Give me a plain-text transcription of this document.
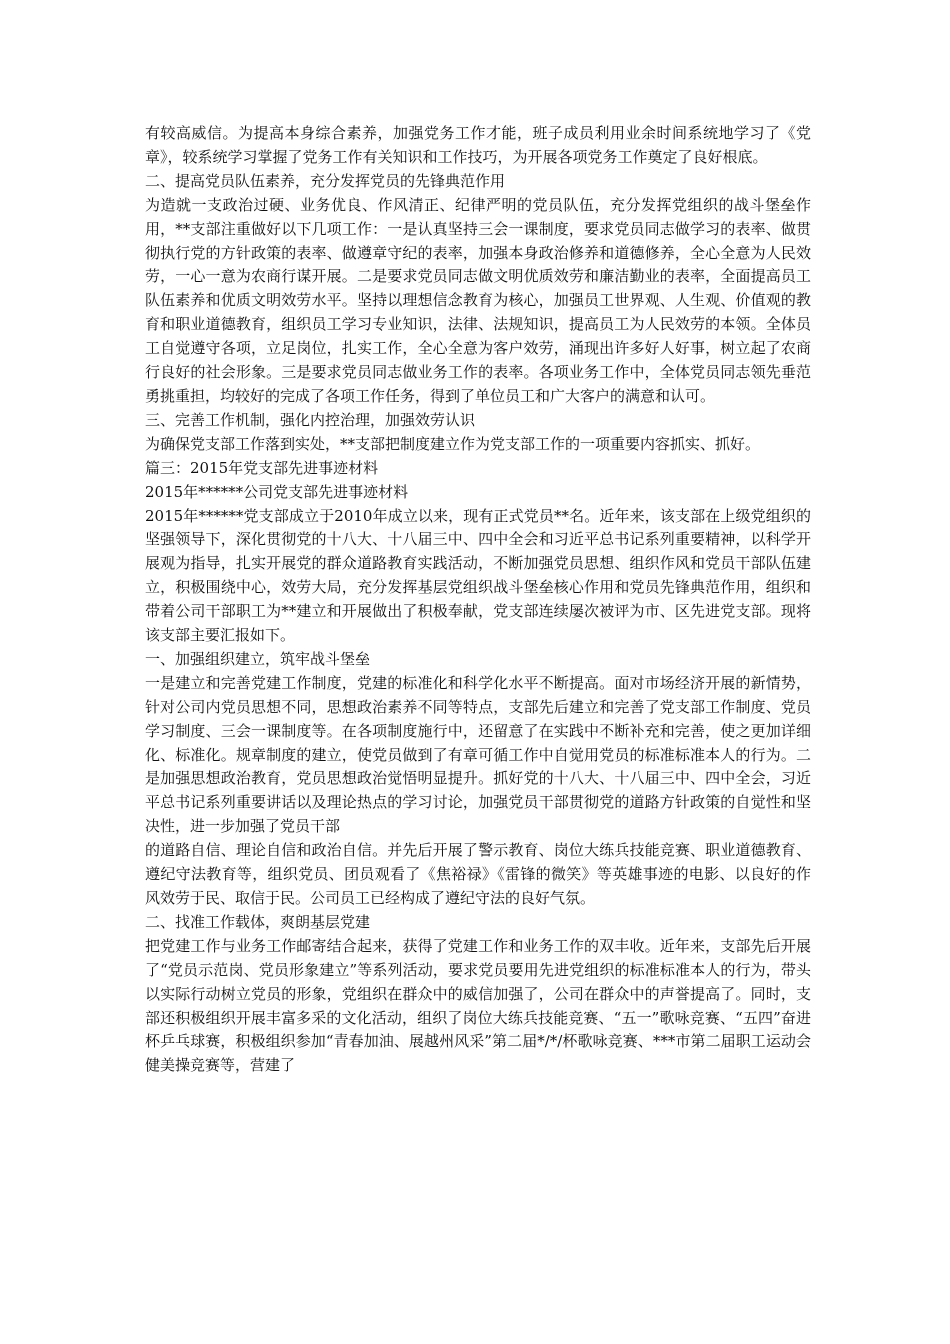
有较高威信。为提高本身综合素养，加强党务工作才能，班子成员利用业余时间系统地学习了《党章》，较系统学习掌握了党务工作有关知识和工作技巧，为开展各项党务工作奠定了良好根底。

二、提高党员队伍素养，充分发挥党员的先锋典范作用

为造就一支政治过硬、业务优良、作风清正、纪律严明的党员队伍，充分发挥党组织的战斗堡垒作用，**支部注重做好以下几项工作：一是认真坚持三会一课制度，要求党员同志做学习的表率、做贯彻执行党的方针政策的表率、做遵章守纪的表率，加强本身政治修养和道德修养，全心全意为人民效劳，一心一意为农商行谋开展。二是要求党员同志做文明优质效劳和廉洁勤业的表率，全面提高员工队伍素养和优质文明效劳水平。坚持以理想信念教育为核心，加强员工世界观、人生观、价值观的教育和职业道德教育，组织员工学习专业知识，法律、法规知识，提高员工为人民效劳的本领。全体员工自觉遵守各项，立足岗位，扎实工作，全心全意为客户效劳，涌现出许多好人好事，树立起了农商行良好的社会形象。三是要求党员同志做业务工作的表率。各项业务工作中，全体党员同志领先垂范勇挑重担，均较好的完成了各项工作任务，得到了单位员工和广大客户的满意和认可。

三、完善工作机制，强化内控治理，加强效劳认识

为确保党支部工作落到实处，**支部把制度建立作为党支部工作的一项重要内容抓实、抓好。

篇三：2015年党支部先进事迹材料

2015年******公司党支部先进事迹材料

2015年******党支部成立于2010年成立以来，现有正式党员**名。近年来，该支部在上级党组织的坚强领导下，深化贯彻党的十八大、十八届三中、四中全会和习近平总书记系列重要精神，以科学开展观为指导，扎实开展党的群众道路教育实践活动，不断加强党员思想、组织作风和党员干部队伍建立，积极围绕中心，效劳大局，充分发挥基层党组织战斗堡垒核心作用和党员先锋典范作用，组织和带着公司干部职工为**建立和开展做出了积极奉献，党支部连续屡次被评为市、区先进党支部。现将该支部主要汇报如下。

一、加强组织建立，筑牢战斗堡垒

一是建立和完善党建工作制度，党建的标准化和科学化水平不断提高。面对市场经济开展的新情势，针对公司内党员思想不同，思想政治素养不同等特点，支部先后建立和完善了党支部工作制度、党员学习制度、三会一课制度等。在各项制度施行中，还留意了在实践中不断补充和完善，使之更加详细化、标准化。规章制度的建立，使党员做到了有章可循工作中自觉用党员的标准标准本人的行为。二是加强思想政治教育，党员思想政治觉悟明显提升。抓好党的十八大、十八届三中、四中全会，习近平总书记系列重要讲话以及理论热点的学习讨论，加强党员干部贯彻党的道路方针政策的自觉性和坚决性，进一步加强了党员干部

的道路自信、理论自信和政治自信。并先后开展了警示教育、岗位大练兵技能竞赛、职业道德教育、遵纪守法教育等，组织党员、团员观看了《焦裕禄》《雷锋的微笑》等英雄事迹的电影、以良好的作风效劳于民、取信于民。公司员工已经构成了遵纪守法的良好气氛。

二、找准工作载体，爽朗基层党建

把党建工作与业务工作邮寄结合起来，获得了党建工作和业务工作的双丰收。近年来，支部先后开展了“党员示范岗、党员形象建立”等系列活动，要求党员要用先进党组织的标准标准本人的行为，带头以实际行动树立党员的形象，党组织在群众中的威信加强了，公司在群众中的声誉提高了。同时，支部还积极组织开展丰富多采的文化活动，组织了岗位大练兵技能竞赛、“五一”歌咏竞赛、“五四”奋进杯乒乓球赛，积极组织参加“青春加油、展越州风采”第二届*/*/杯歌咏竞赛、***市第二届职工运动会健美操竞赛等，营建了
